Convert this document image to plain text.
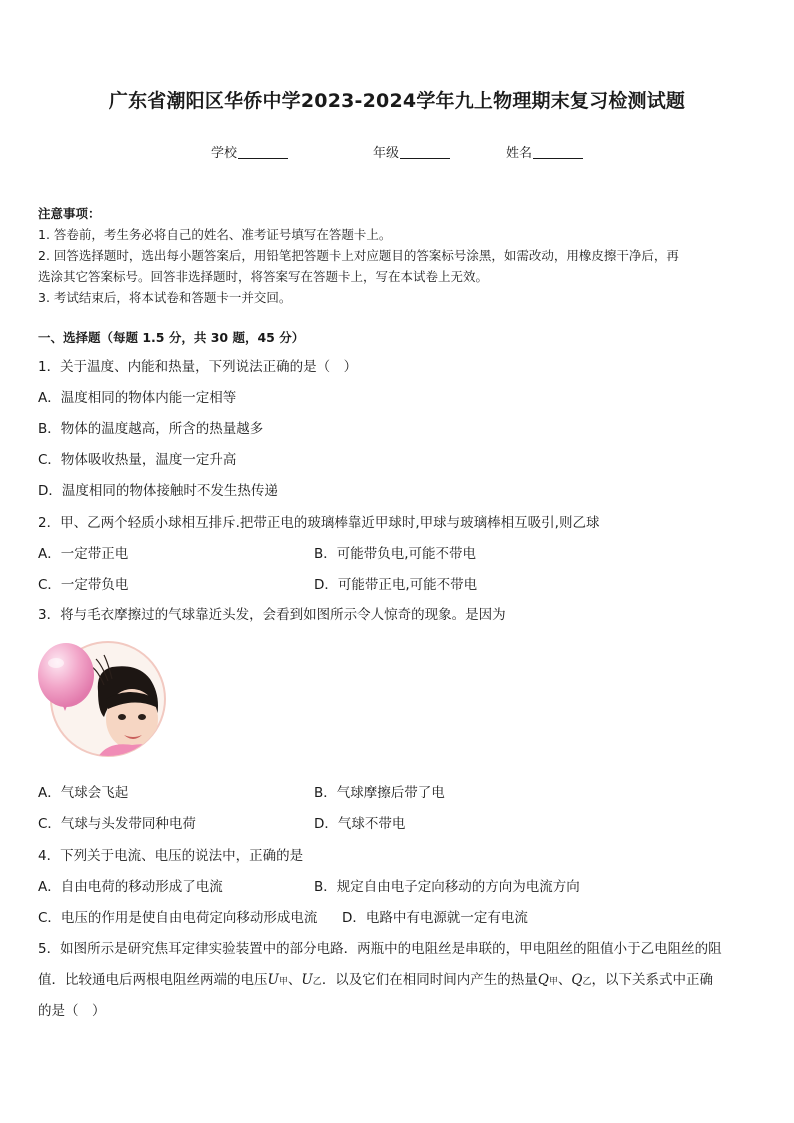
广东省潮阳区华侨中学2023-2024学年九上物理期末复习检测试题
学校	年级	姓名
注意事项：
1. 答卷前，考生务必将自己的姓名、准考证号填写在答题卡上。
2. 回答选择题时，选出每小题答案后，用铅笔把答题卡上对应题目的答案标号涂黑，如需改动，用橡皮擦干净后，再
选涂其它答案标号。回答非选择题时，将答案写在答题卡上，写在本试卷上无效。
3. 考试结束后，将本试卷和答题卡一并交回。
一、选择题（每题 1.5 分，共 30 题，45 分）
1．关于温度、内能和热量，下列说法正确的是（　）
A．温度相同的物体内能一定相等
B．物体的温度越高，所含的热量越多
C．物体吸收热量，温度一定升高
D．温度相同的物体接触时不发生热传递
2．甲、乙两个轻质小球相互排斥.把带正电的玻璃棒靠近甲球时,甲球与玻璃棒相互吸引,则乙球
A．一定带正电	B．可能带负电,可能不带电
C．一定带负电	D．可能带正电,可能不带电
3．将与毛衣摩擦过的气球靠近头发，会看到如图所示令人惊奇的现象。是因为
A．气球会飞起	B．气球摩擦后带了电
C．气球与头发带同种电荷	D．气球不带电
4．下列关于电流、电压的说法中，正确的是
A．自由电荷的移动形成了电流	B．规定自由电子定向移动的方向为电流方向
C．电压的作用是使自由电荷定向移动形成电流 D．电路中有电源就一定有电流
5．如图所示是研究焦耳定律实验装置中的部分电路．两瓶中的电阻丝是串联的，甲电阻丝的阻值小于乙电阻丝的阻
值．比较通电后两根电阻丝两端的电压U甲、U乙．以及它们在相同时间内产生的热量Q甲、Q乙，以下关系式中正确
的是（　）
